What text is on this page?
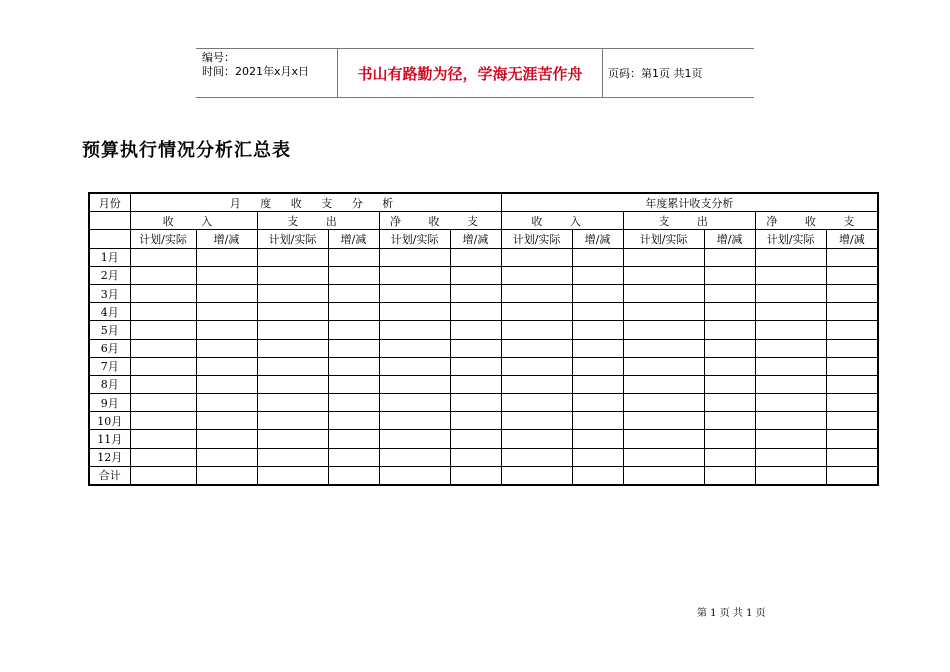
编号：
时间：2021年x月x日	书山有路勤为径，学海无涯苦作舟	页码：第1页 共1页
预算执行情况分析汇总表
月份	月 度 收 支 分 析						年度累计收支分析					
	收 入		支 出		净 收 支		收 入		支 出		净 收 支	
	计划/实际	增/减	计划/实际	增/减	计划/实际	增/减	计划/实际	增/减	计划/实际	增/减	计划/实际	增/减
1月												
2月												
3月												
4月												
5月												
6月												
7月												
8月												
9月												
10月												
11月												
12月												
合计												
第 1 页 共 1 页
